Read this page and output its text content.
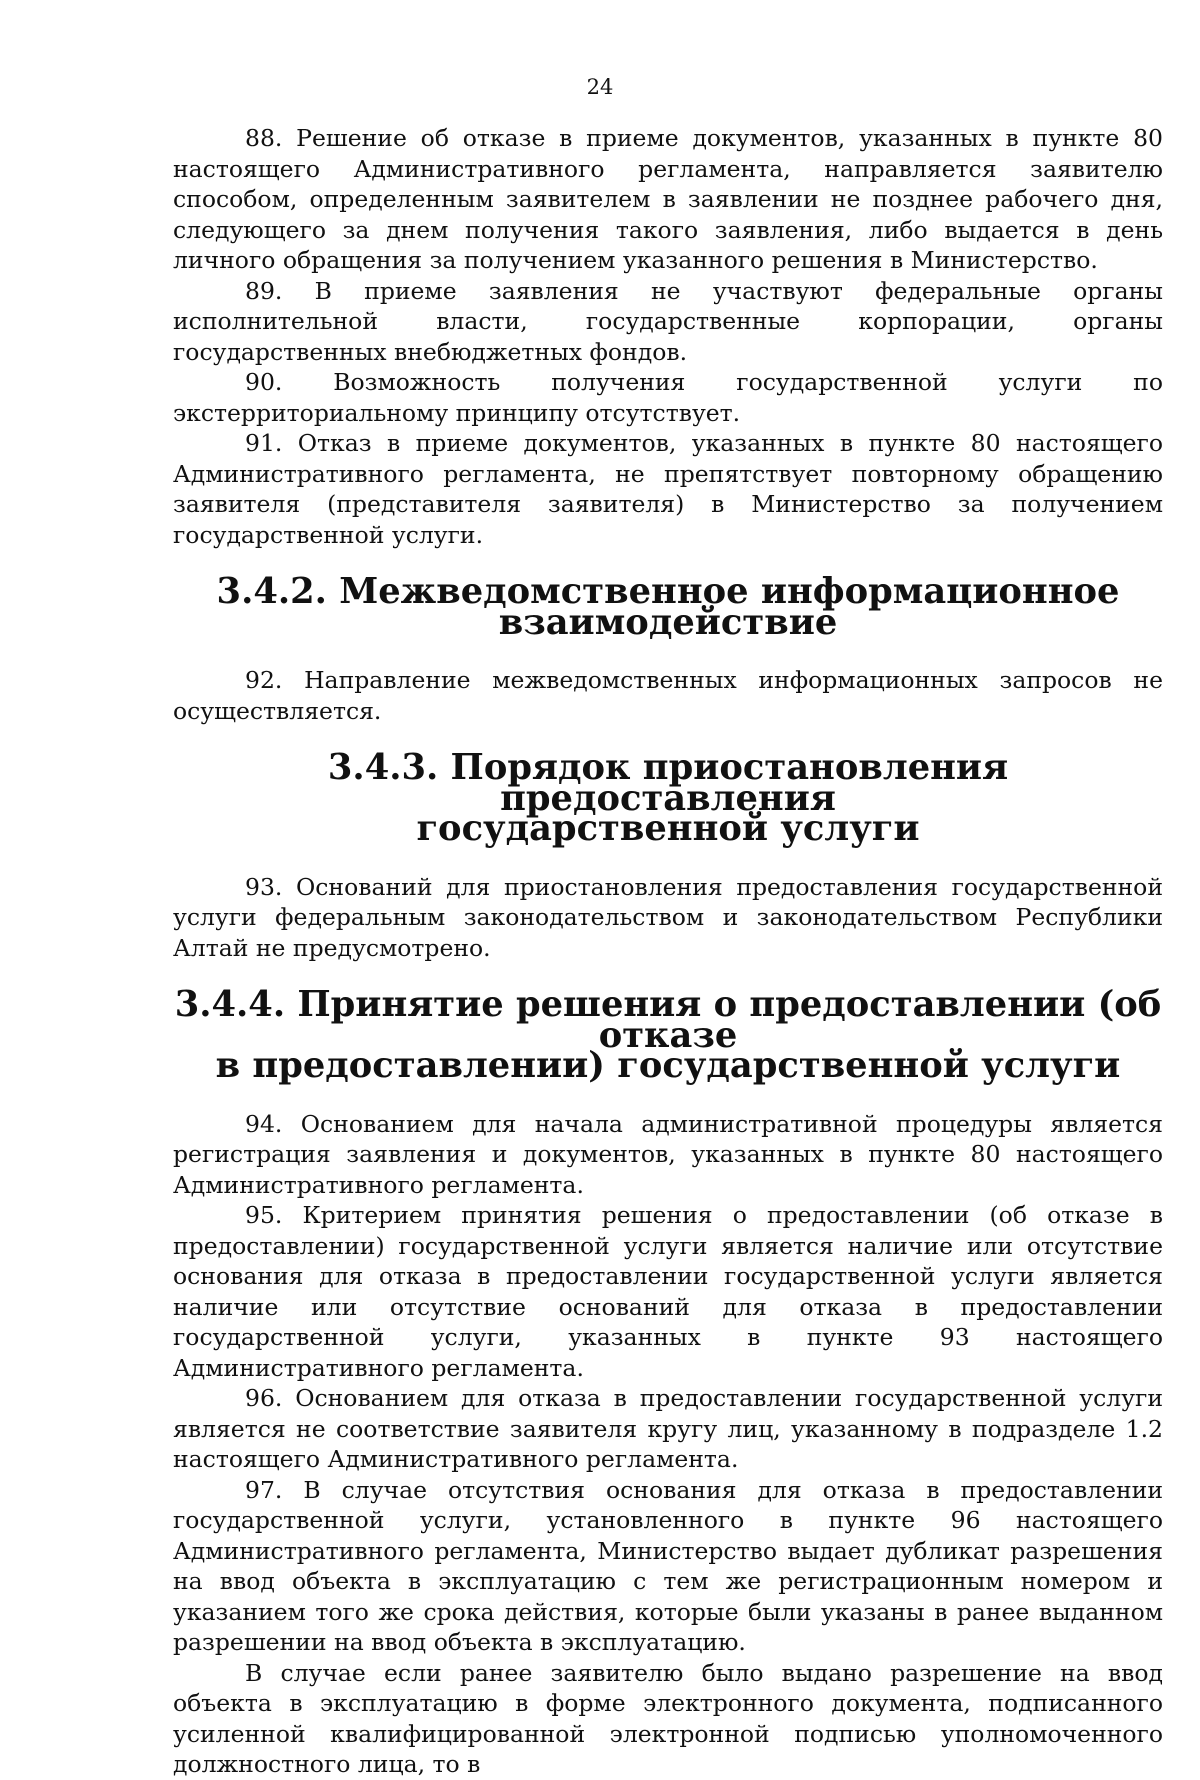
24

88. Решение об отказе в приеме документов, указанных в пункте 80 настоящего Административного регламента, направляется заявителю способом, определенным заявителем в заявлении не позднее рабочего дня, следующего за днем получения такого заявления, либо выдается в день личного обращения за получением указанного решения в Министерство.

89. В приеме заявления не участвуют федеральные органы исполнительной власти, государственные корпорации, органы государственных внебюджетных фондов.

90. Возможность получения государственной услуги по экстерриториальному принципу отсутствует.

91. Отказ в приеме документов, указанных в пункте 80 настоящего Административного регламента, не препятствует повторному обращению заявителя (представителя заявителя) в Министерство за получением государственной услуги.

3.4.2. Межведомственное информационное взаимодействие

92. Направление межведомственных информационных запросов не осуществляется.

3.4.3. Порядок приостановления предоставления
государственной услуги

93. Оснований для приостановления предоставления государственной услуги федеральным законодательством и законодательством Республики Алтай не предусмотрено.

3.4.4. Принятие решения о предоставлении (об отказе
в предоставлении) государственной услуги

94. Основанием для начала административной процедуры является регистрация заявления и документов, указанных в пункте 80 настоящего Административного регламента.

95. Критерием принятия решения о предоставлении (об отказе в предоставлении) государственной услуги является наличие или отсутствие основания для отказа в предоставлении государственной услуги является наличие или отсутствие оснований для отказа в предоставлении государственной услуги, указанных в пункте 93 настоящего Административного регламента.

96. Основанием для отказа в предоставлении государственной услуги является не соответствие заявителя кругу лиц, указанному в подразделе 1.2 настоящего Административного регламента.

97. В случае отсутствия основания для отказа в предоставлении государственной услуги, установленного в пункте 96 настоящего Административного регламента, Министерство выдает дубликат разрешения на ввод объекта в эксплуатацию с тем же регистрационным номером и указанием того же срока действия, которые были указаны в ранее выданном разрешении на ввод объекта в эксплуатацию.

В случае если ранее заявителю было выдано разрешение на ввод объекта в эксплуатацию в форме электронного документа, подписанного усиленной квалифицированной электронной подписью уполномоченного должностного лица, то в
